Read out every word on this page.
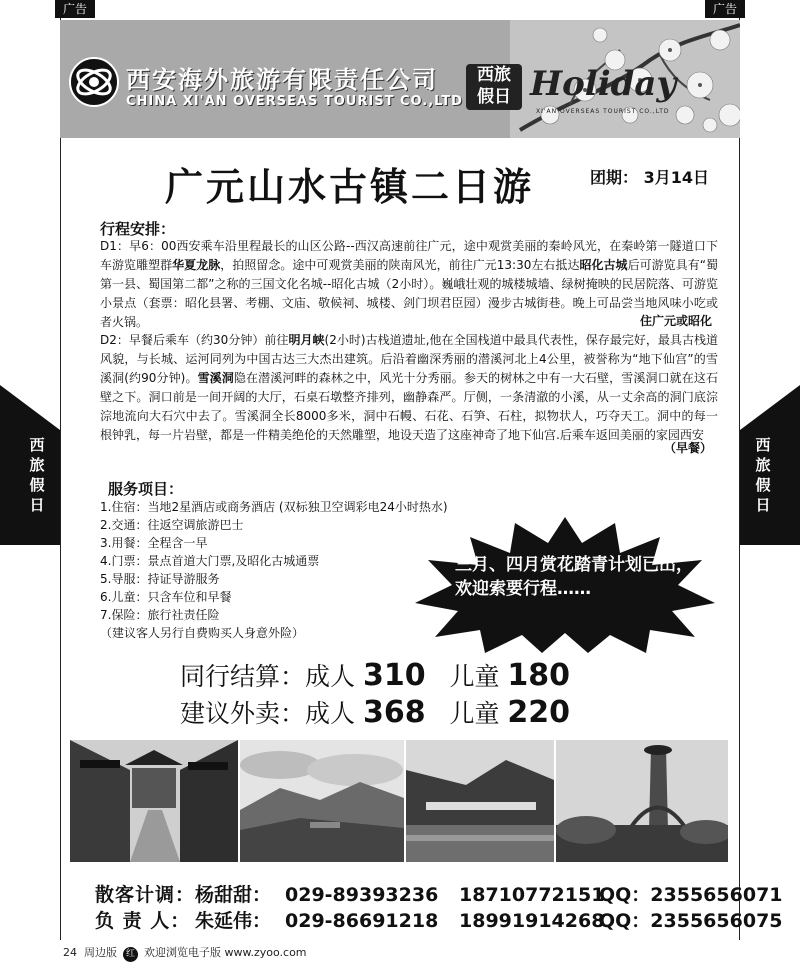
广告	广告
西安海外旅游有限责任公司
CHINA XI'AN OVERSEAS TOURIST CO.,LTD
西旅
假日 Holiday
XI'AN OVERSEAS TOURIST CO.,LTD
广元山水古镇二日游	团期： 3月14日
行程安排：
D1：早6：00西安乘车沿里程最长的山区公路--西汉高速前往广元，途中观赏美丽的秦岭风光，在秦岭第一隧道口下车游览雕塑群华夏龙脉，拍照留念。途中可观赏美丽的陕南风光，前往广元13:30左右抵达昭化古城后可游览具有“蜀第一县、蜀国第二都”之称的三国文化名城--昭化古城（2小时）。巍峨壮观的城楼城墙、绿树掩映的民居院落、可游览小景点（套票：昭化县署、考棚、文庙、敬候祠、城楼、剑门坝君臣园）漫步古城街巷。晚上可品尝当地风味小吃或者火锅。	住广元或昭化
D2：早餐后乘车（约30分钟）前往明月峡(2小时)古栈道遗址,他在全国栈道中最具代表性，保存最完好，最具古栈道风貌，与长城、运河同列为中国古达三大杰出建筑。后沿着幽深秀丽的潜溪河北上4公里，被誉称为“地下仙宫”的雪溪洞(约90分钟)。雪溪洞隐在潜溪河畔的森林之中，风光十分秀丽。参天的树林之中有一大石壁，雪溪洞口就在这石壁之下。洞口前是一间开阔的大厅，石桌石墩整齐排列，幽静森严。厅侧，一条清澈的小溪，从一丈余高的洞门底淙淙地流向大石穴中去了。雪溪洞全长8000多米，洞中石幔、石花、石笋、石柱，拟物状人，巧夺天工。洞中的每一根钟乳，每一片岩壁，都是一件精美绝伦的天然雕塑，地设天造了这座神奇了地下仙宫.后乘车返回美丽的家园西安
（早餐）
服务项目：
1.住宿：当地2星酒店或商务酒店 (双标独卫空调彩电24小时热水)
2.交通：往返空调旅游巴士
3.用餐：全程含一早
4.门票：景点首道大门票,及昭化古城通票
5.导服：持证导游服务
6.儿童：只含车位和早餐
7.保险：旅行社责任险
（建议客人另行自费购买人身意外险）
三月、四月赏花踏青计划已出，欢迎索要行程……
同行结算：成人 310 儿童 180
建议外卖：成人 368 儿童 220
散客计调：杨甜甜： 029-89393236 18710772151QQ：2355656071
负 责 人： 朱延伟： 029-86691218 18991914268QQ：2355656075
24 周边版 红 欢迎浏览电子版 www.zyoo.com
西
旅
假
日
西
旅
假
日
